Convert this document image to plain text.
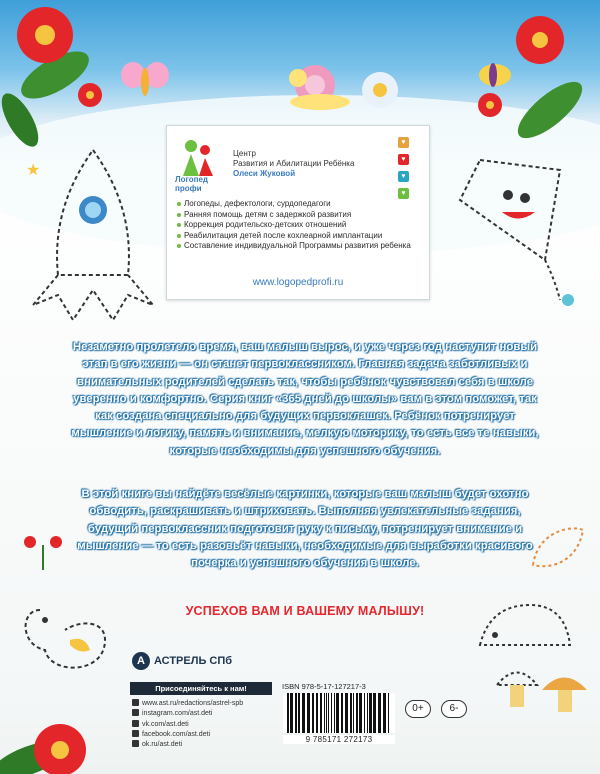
★
Логопед профи
Центр
Развития и Абилитации Ребёнка
Олеси Жуковой
Логопеды, дефектологи, сурдопедагоги
Ранняя помощь детям с задержкой развития
Коррекция родительско-детских отношений
Реабилитация детей после кохлеарной имплантации
Составление индивидуальной Программы развития ребенка
www.logopedprofi.ru
♥
♥
♥
♥
Незаметно пролетело время, ваш малыш вырос, и уже через год наступит новый этап в его жизни — он станет первоклассником. Главная задача заботливых и внимательных родителей сделать так, чтобы ребёнок чувствовал себя в школе уверенно и комфортно. Серия книг «365 дней до школы» вам в этом поможет, так как создана специально для будущих первоклашек. Ребёнок потренирует мышление и логику, память и внимание, мелкую моторику, то есть все те навыки, которые необходимы для успешного обучения.
В этой книге вы найдёте весёлые картинки, которые ваш малыш будет охотно обводить, раскрашивать и штриховать. Выполняя увлекательные задания, будущий первоклассник подготовит руку к письму, потренирует внимание и мышление — то есть разовьёт навыки, необходимые для выработки красивого почерка и успешного обучения в школе.
УСПЕХОВ ВАМ И ВАШЕМУ МАЛЫШУ!
A АСТРЕЛЬ СПб
Присоединяйтесь к нам!
www.ast.ru/redactions/astrel-spb
instagram.com/ast.deti
vk.com/ast.deti
facebook.com/ast.deti
ok.ru/ast.deti
ISBN 978-5-17-127217-3
9 785171 272173
0+	6-
